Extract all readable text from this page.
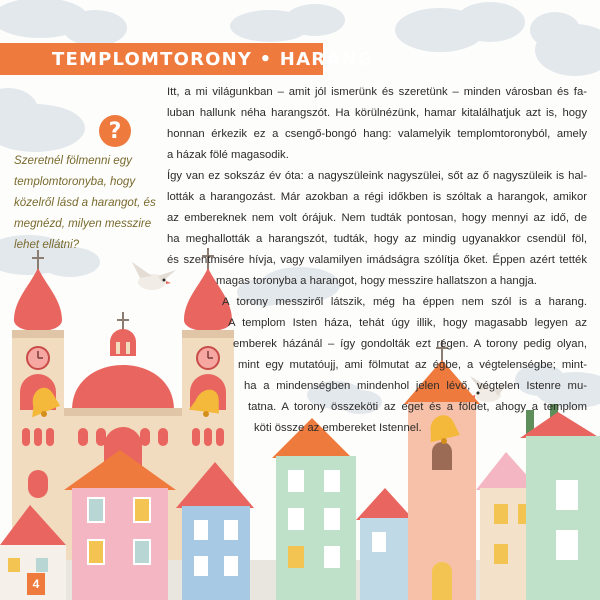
TEMPLOMTORONY • HARANG
?
Szeretnél fölmenni egy templomtoronyba, hogy közelről lásd a harangot, és megnézd, milyen messzire lehet ellátni?
Itt, a mi világunkban – amit jól ismerünk és szeretünk – minden városban és fa-
luban hallunk néha harangszót. Ha körülnézünk, hamar kitalálhatjuk azt is, hogy
honnan érkezik ez a csengő-bongó hang: valamelyik templomtoronyból, amely
a házak fölé magasodik.
Így van ez sokszáz év óta: a nagyszüleink nagyszülei, sőt az ő nagyszüleik is hal-
lották a harangozást. Már azokban a régi időkben is szóltak a harangok, amikor
az embereknek nem volt órájuk. Nem tudták pontosan, hogy mennyi az idő, de
ha meghallották a harangszót, tudták, hogy az mindig ugyanakkor csendül föl,
és szentmisére hívja, vagy valamilyen imádságra szólítja őket. Éppen azért tették
magas toronyba a harangot, hogy messzire hallatszon a hangja.
A torony messziről látszik, még ha éppen nem szól is a harang.
A templom Isten háza, tehát úgy illik, hogy magasabb legyen az
emberek házánál – így gondolták ezt régen. A torony pedig olyan,
mint egy mutatóujj, ami fölmutat az égbe, a végtelenségbe; mint-
ha a mindenségben mindenhol jelen lévő, végtelen Istenre mu-
tatna. A torony összeköti az eget és a földet, ahogy a templom
köti össze az embereket Istennel.
4
